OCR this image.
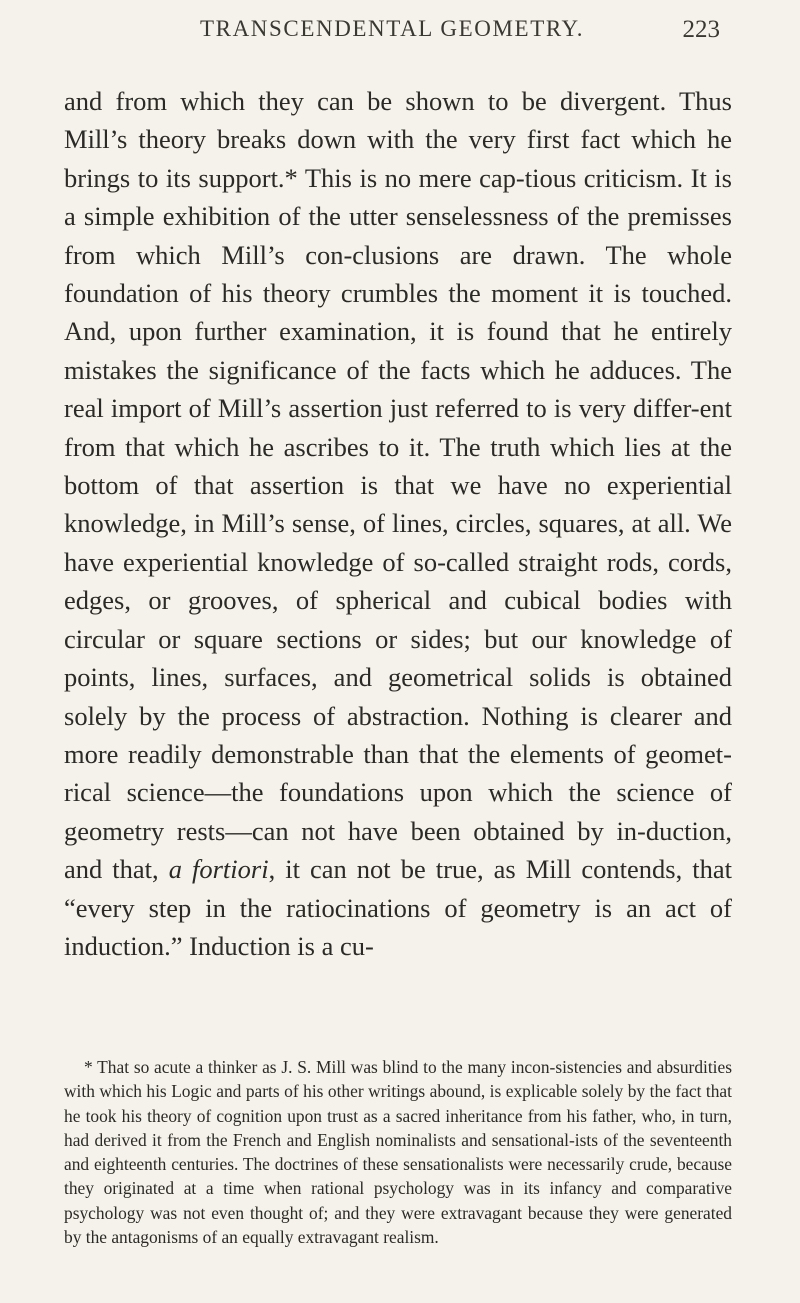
TRANSCENDENTAL GEOMETRY.	223

and from which they can be shown to be divergent. Thus Mill’s theory breaks down with the very first fact which he brings to its support.* This is no mere cap-tious criticism. It is a simple exhibition of the utter senselessness of the premisses from which Mill’s con-clusions are drawn. The whole foundation of his theory crumbles the moment it is touched. And, upon further examination, it is found that he entirely mistakes the significance of the facts which he adduces. The real import of Mill’s assertion just referred to is very differ-ent from that which he ascribes to it. The truth which lies at the bottom of that assertion is that we have no experiential knowledge, in Mill’s sense, of lines, circles, squares, at all. We have experiential knowledge of so-called straight rods, cords, edges, or grooves, of spherical and cubical bodies with circular or square sections or sides; but our knowledge of points, lines, surfaces, and geometrical solids is obtained solely by the process of abstraction. Nothing is clearer and more readily demonstrable than that the elements of geomet-rical science—the foundations upon which the science of geometry rests—can not have been obtained by in-duction, and that, a fortiori, it can not be true, as Mill contends, that “every step in the ratiocinations of geometry is an act of induction.” Induction is a cu-

* That so acute a thinker as J. S. Mill was blind to the many incon-sistencies and absurdities with which his Logic and parts of his other writings abound, is explicable solely by the fact that he took his theory of cognition upon trust as a sacred inheritance from his father, who, in turn, had derived it from the French and English nominalists and sensational-ists of the seventeenth and eighteenth centuries. The doctrines of these sensationalists were necessarily crude, because they originated at a time when rational psychology was in its infancy and comparative psychology was not even thought of; and they were extravagant because they were generated by the antagonisms of an equally extravagant realism.
